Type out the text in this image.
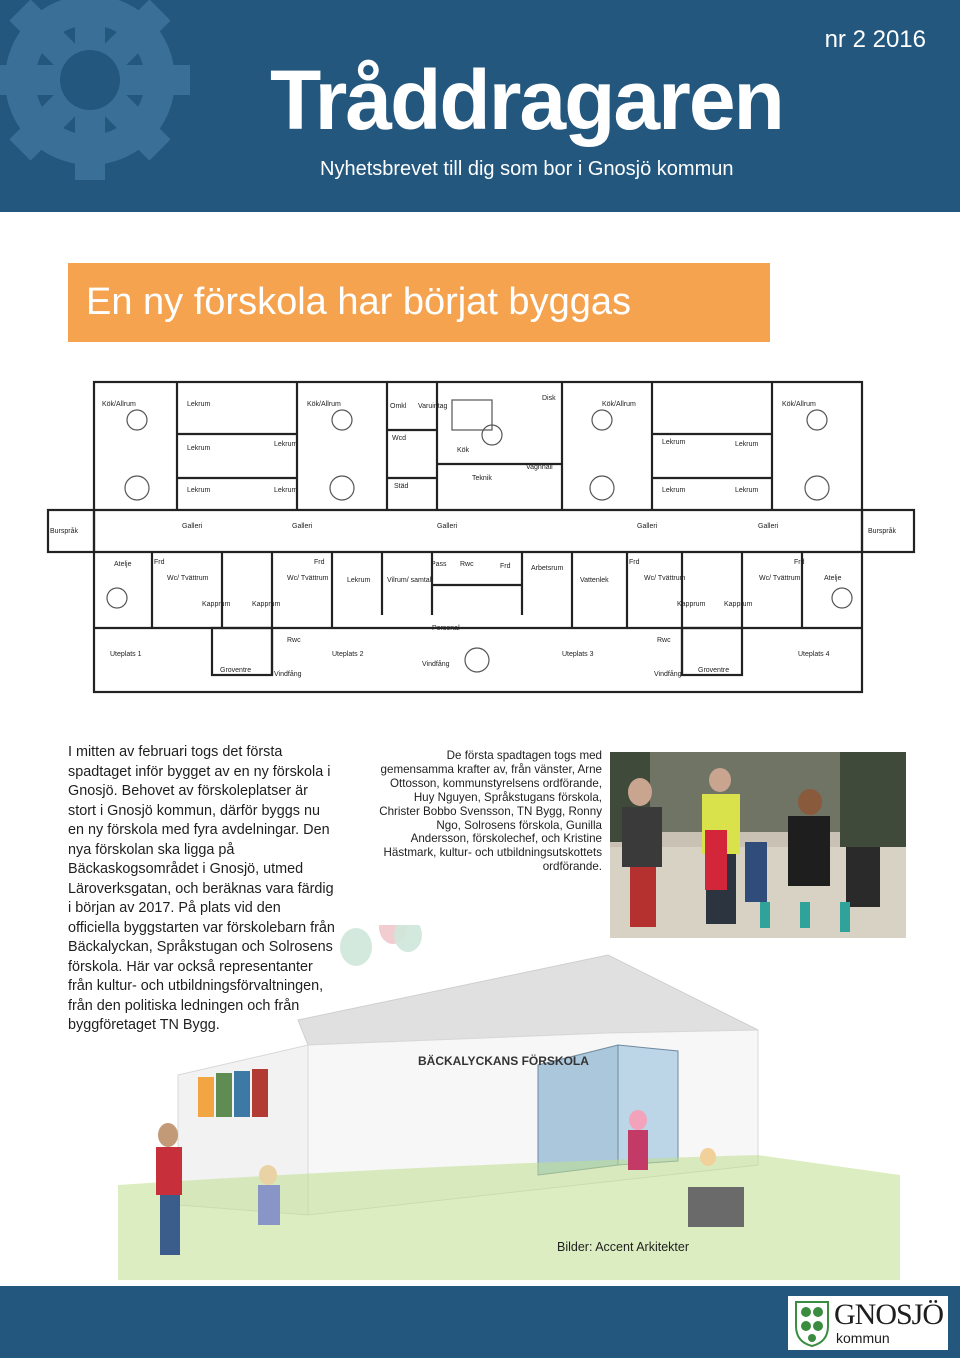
nr 2 2016
Tråddragaren
Nyhetsbrevet till dig som bor i Gnosjö kommun
En ny förskola har börjat byggas
Kök/Allrum	Lekrum	Kök/Allrum	Omkl Varuintag
Disk
Kök/Allrum	Kök/Allrum
Lekrum
Lekrum
Wcd
Kök
Lekrum	Lekrum
Städ
Teknik
Vagnhall
Lekrum	Lekrum	Lekrum	Lekrum
Burspråk
Galleri	Galleri	Galleri	Galleri	Galleri
Burspråk
Atelje	Frd
Wc/ Tvättrum
Frd
Wc/ Tvättrum	Lekrum Vilrum/ samtal
Pass Rwc	Frd	Arbetsrum
Vattenlek
Frd
Wc/ Tvättrum
Frd
Wc/ Tvättrum	Atelje
Kapprum	Kapprum	Kapprum	Kapprum
Rwc
Personal
Rwc
Uteplats 1	Uteplats 2	Uteplats 3	Uteplats 4
Groventre
Vindfång
Vindfång
Vindfång
Groventre
I mitten av februari togs det första spadtaget inför bygget av en ny förskola i Gnosjö. Behovet av förskoleplatser är stort i Gnosjö kommun, därför byggs nu en ny förskola med fyra avdelningar. Den nya förskolan ska ligga på Bäckaskogsområdet i Gnosjö, utmed Läroverksgatan, och beräknas vara färdig i början av 2017. På plats vid den officiella byggstarten var förskolebarn från Bäckalyckan, Språkstugan och Solrosens förskola. Här var också representanter från kultur- och utbildningsförvaltningen, från den politiska ledningen och från byggföretaget TN Bygg.
De första spadtagen togs med gemensamma krafter av, från vänster, Arne Ottosson, kommunstyrelsens ordförande, Huy Nguyen, Språkstugans förskola, Christer Bobbo Svensson, TN Bygg, Ronny Ngo, Solrosens förskola, Gunilla Andersson, förskolechef, och Kristine Hästmark, kultur- och utbildningsutskottets ordförande.
BÄCKALYCKANS FÖRSKOLA
Bilder: Accent Arkitekter
GNOSJÖ
kommun
